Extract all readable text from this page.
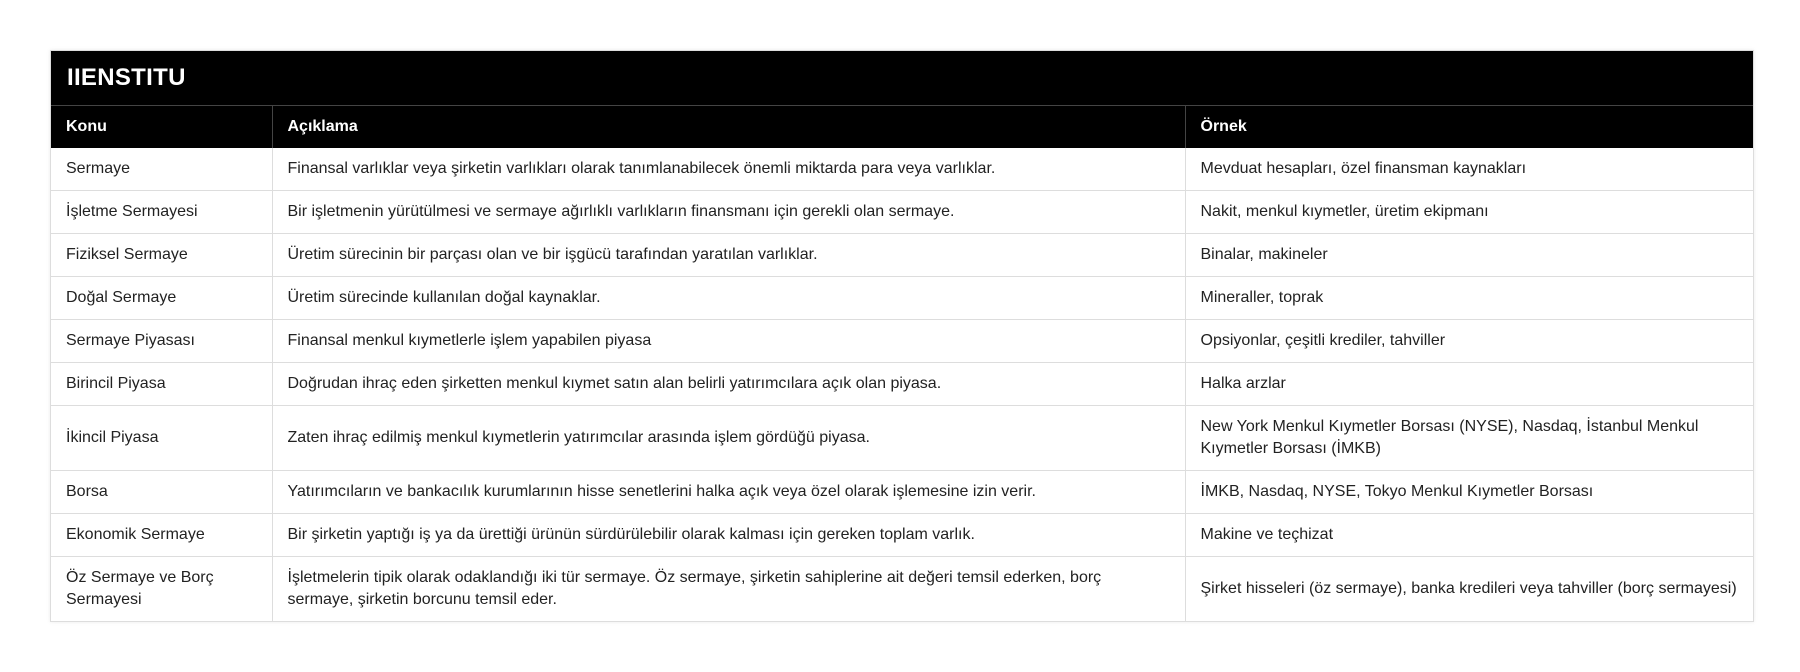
IIENSTITU
Konu	Açıklama	Örnek
Sermaye	Finansal varlıklar veya şirketin varlıkları olarak tanımlanabilecek önemli miktarda para veya varlıklar.	Mevduat hesapları, özel finansman kaynakları
İşletme Sermayesi	Bir işletmenin yürütülmesi ve sermaye ağırlıklı varlıkların finansmanı için gerekli olan sermaye.	Nakit, menkul kıymetler, üretim ekipmanı
Fiziksel Sermaye	Üretim sürecinin bir parçası olan ve bir işgücü tarafından yaratılan varlıklar.	Binalar, makineler
Doğal Sermaye	Üretim sürecinde kullanılan doğal kaynaklar.	Mineraller, toprak
Sermaye Piyasası	Finansal menkul kıymetlerle işlem yapabilen piyasa	Opsiyonlar, çeşitli krediler, tahviller
Birincil Piyasa	Doğrudan ihraç eden şirketten menkul kıymet satın alan belirli yatırımcılara açık olan piyasa.	Halka arzlar
İkincil Piyasa	Zaten ihraç edilmiş menkul kıymetlerin yatırımcılar arasında işlem gördüğü piyasa.	New York Menkul Kıymetler Borsası (NYSE), Nasdaq, İstanbul Menkul Kıymetler Borsası (İMKB)
Borsa	Yatırımcıların ve bankacılık kurumlarının hisse senetlerini halka açık veya özel olarak işlemesine izin verir.	İMKB, Nasdaq, NYSE, Tokyo Menkul Kıymetler Borsası
Ekonomik Sermaye	Bir şirketin yaptığı iş ya da ürettiği ürünün sürdürülebilir olarak kalması için gereken toplam varlık.	Makine ve teçhizat
Öz Sermaye ve Borç Sermayesi	İşletmelerin tipik olarak odaklandığı iki tür sermaye. Öz sermaye, şirketin sahiplerine ait değeri temsil ederken, borç sermaye, şirketin borcunu temsil eder.	Şirket hisseleri (öz sermaye), banka kredileri veya tahviller (borç sermayesi)
